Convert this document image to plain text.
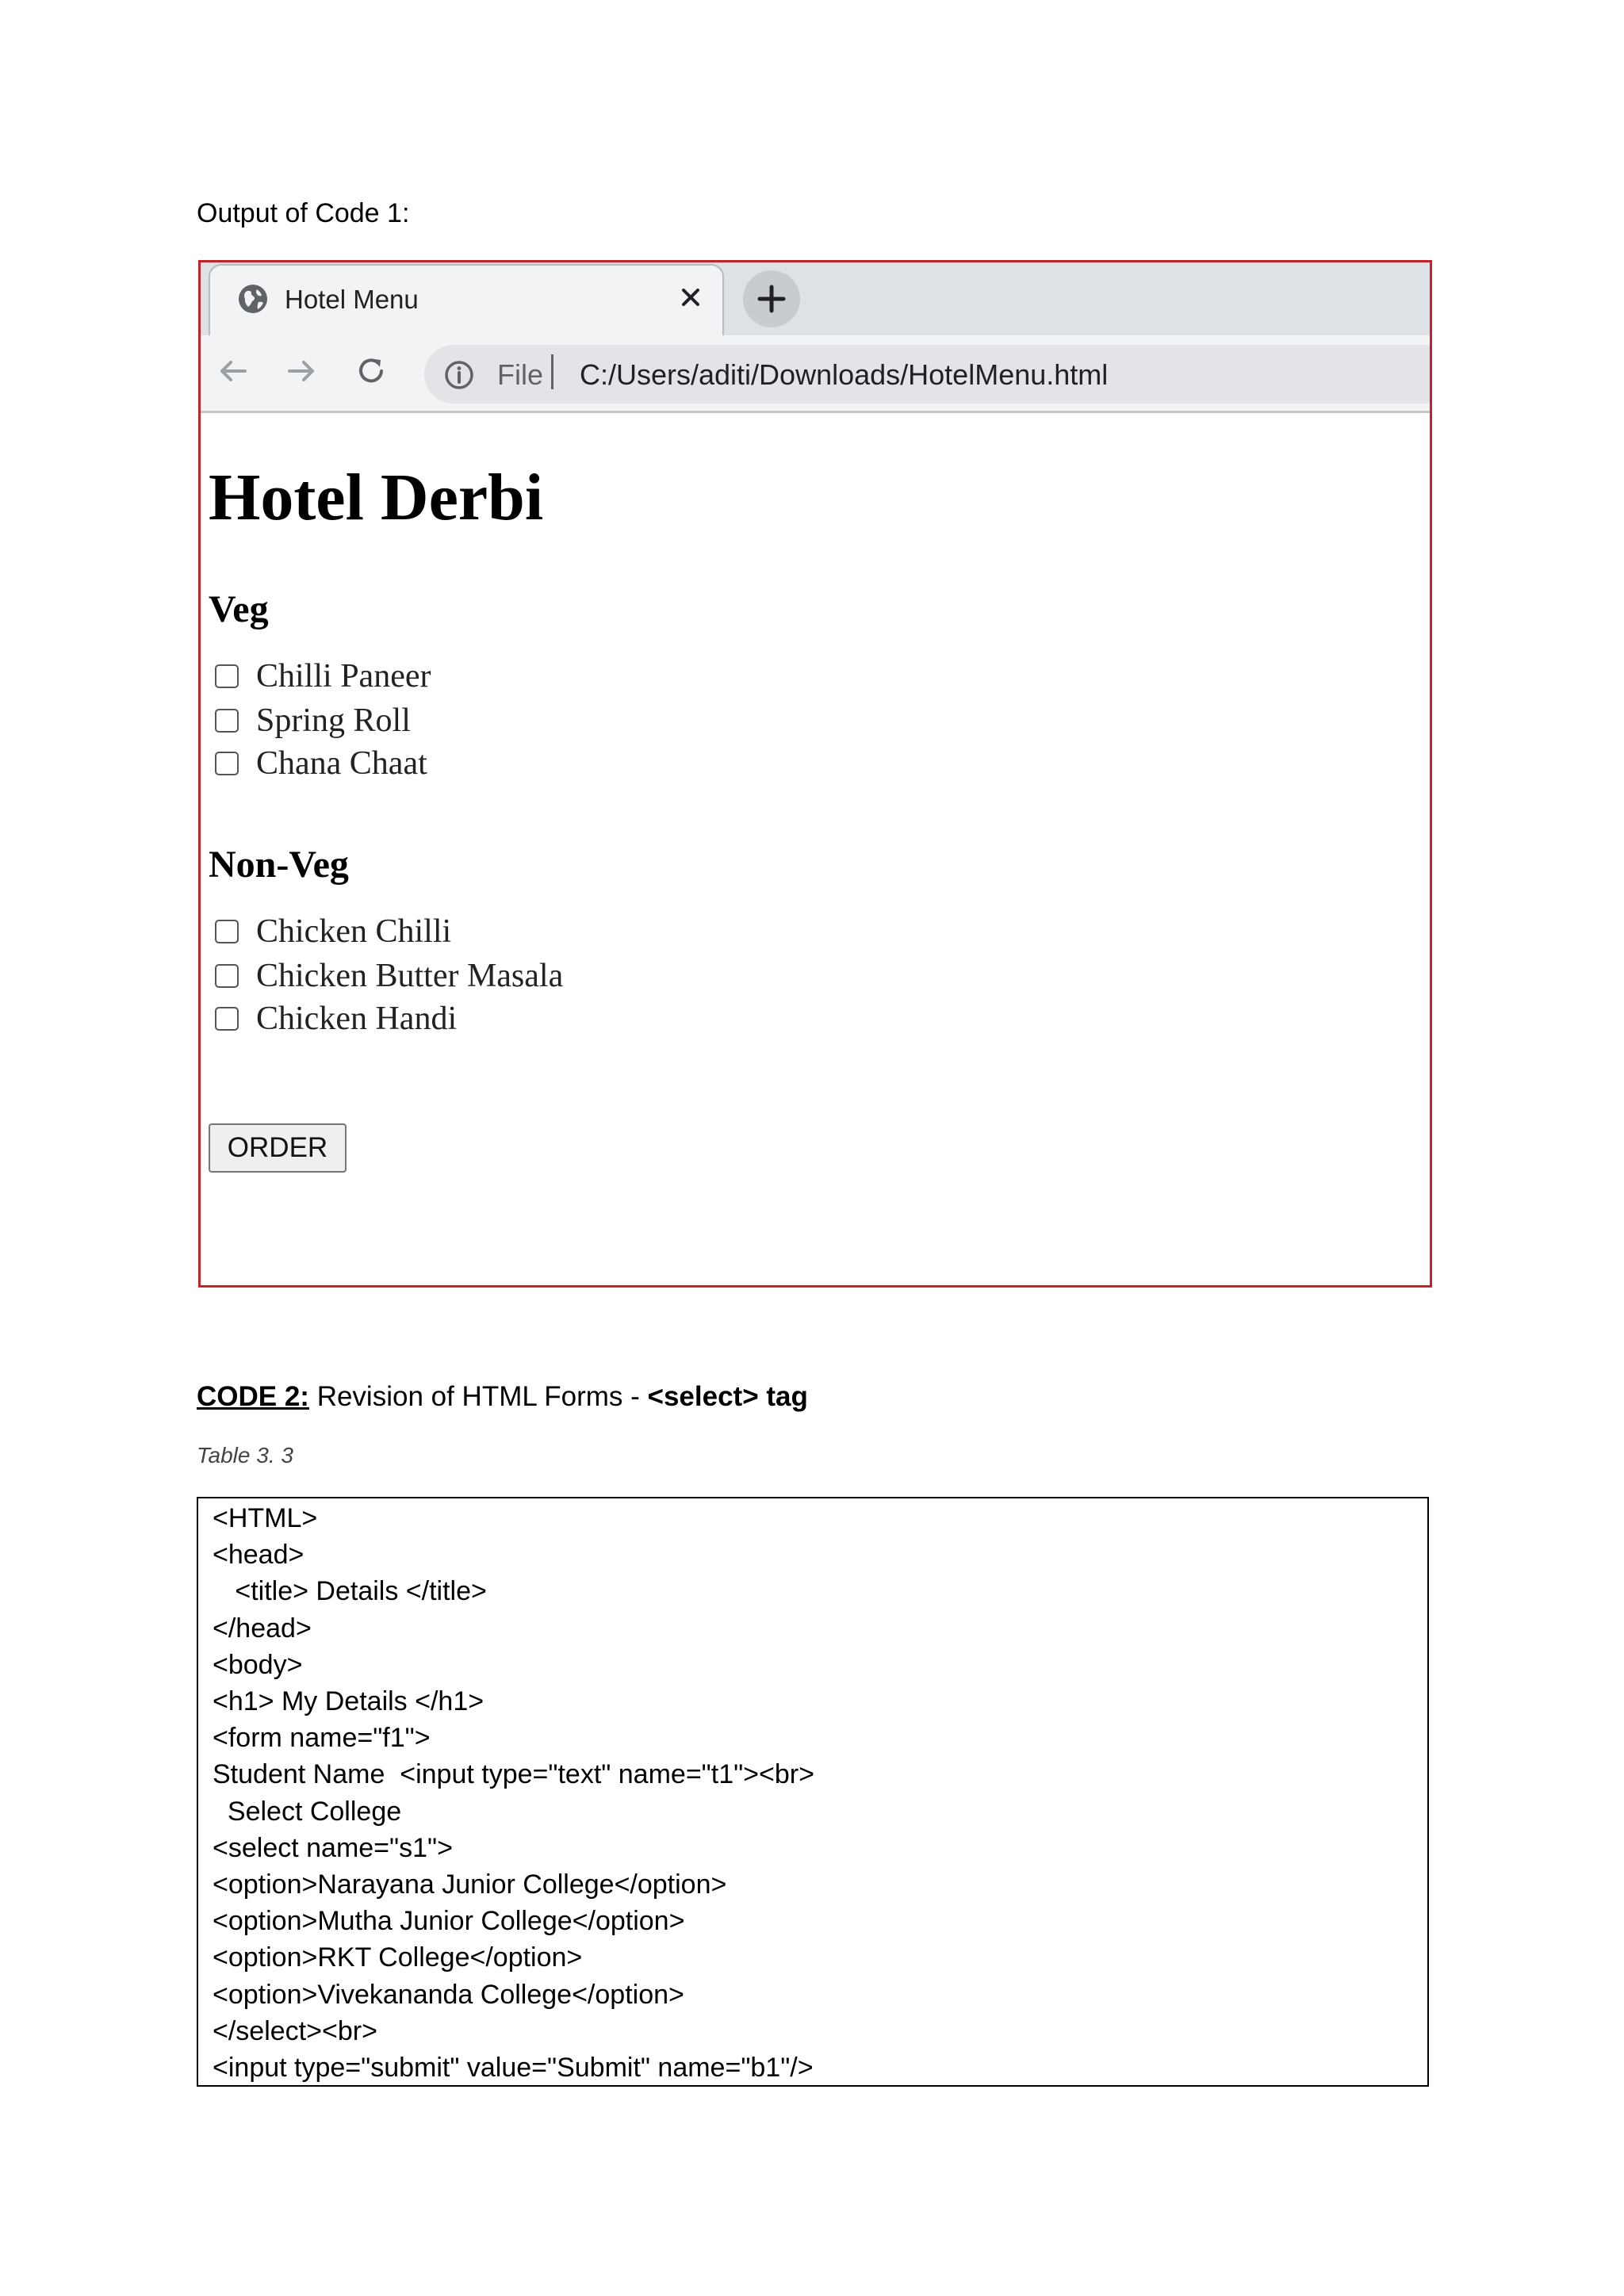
Output of Code 1:
Hotel Menu
File C:/Users/aditi/Downloads/HotelMenu.html
Hotel Derbi
Veg
Chilli Paneer
Spring Roll
Chana Chaat
Non-Veg
Chicken Chilli
Chicken Butter Masala
Chicken Handi
ORDER
CODE 2: Revision of HTML Forms - <select> tag
Table 3. 3
<HTML>
<head>
<title> Details </title>
</head>
<body>
<h1> My Details </h1>
<form name="f1">
Student Name  <input type="text" name="t1"><br>
Select College
<select name="s1">
<option>Narayana Junior College</option>
<option>Mutha Junior College</option>
<option>RKT College</option>
<option>Vivekananda College</option>
</select><br>
<input type="submit" value="Submit" name="b1"/>
